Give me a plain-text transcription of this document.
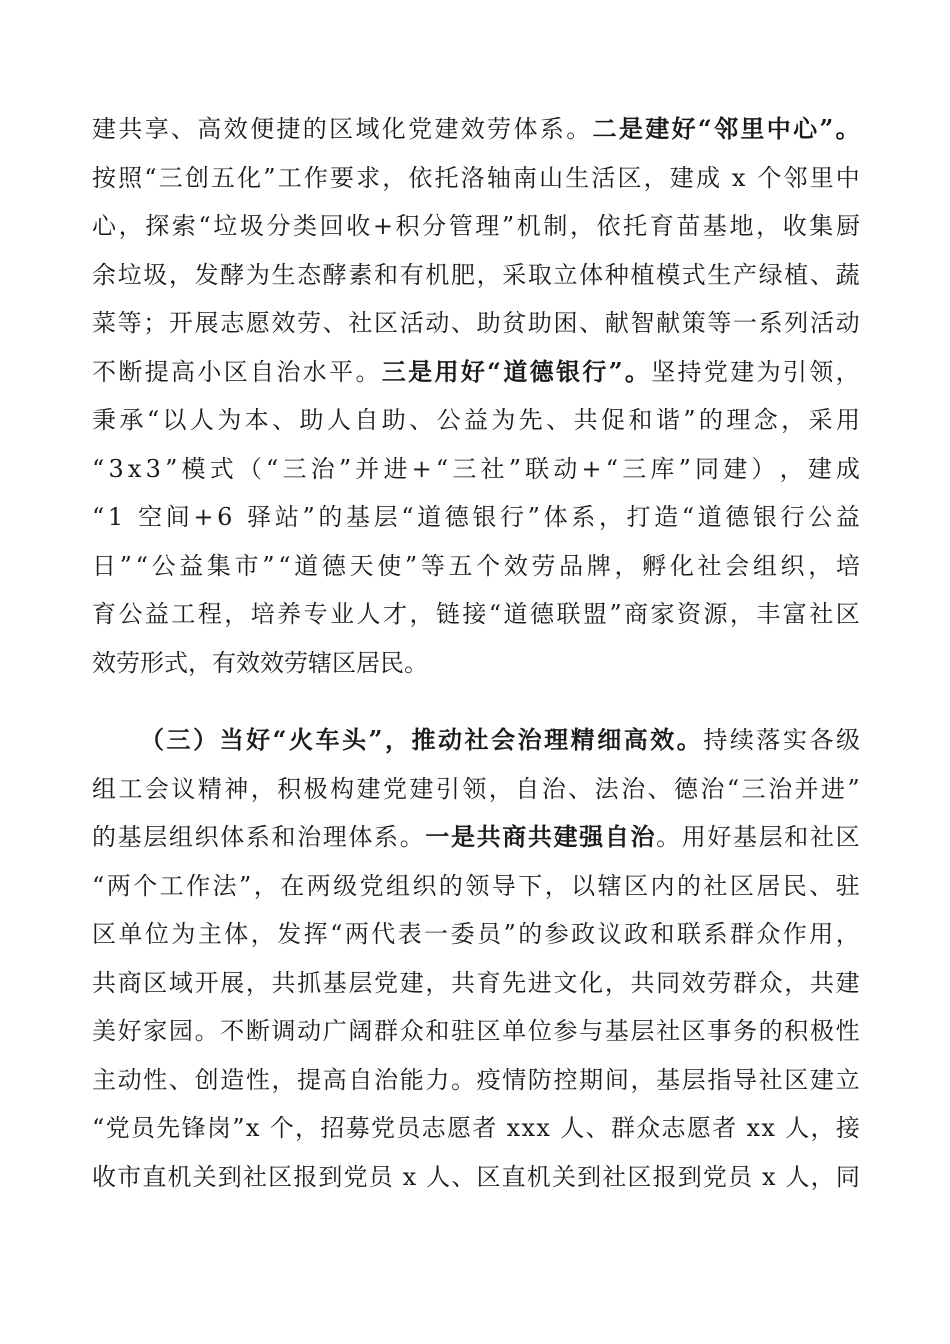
建 共 享 、 高 效 便 捷 的 区 域 化 党 建 效 劳 体 系 。 二 是 建 好 “ 邻 里 中 心 ” 。
按 照 “ 三 创 五 化 ” 工 作 要 求 ， 依 托 洛 轴 南 山 生 活 区 ， 建 成
x
个 邻 里 中
心 ， 探 索 “ 垃 圾 分 类 回 收 + 积 分 管 理 ” 机 制 ， 依 托 育 苗 基 地 ， 收 集 厨
余 垃 圾 ， 发 酵 为 生 态 酵 素 和 有 机 肥 ， 采 取 立 体 种 植 模 式 生 产 绿 植 、 蔬
菜 等 ； 开 展 志 愿 效 劳 、 社 区 活 动 、 助 贫 助 困 、 献 智 献 策 等 一 系 列 活 动
不 断 提 高 小 区 自 治 水 平 。 三 是 用 好 “ 道 德 银 行 ” 。 坚 持 党 建 为 引 领 ，
秉 承 “ 以 人 为 本 、 助 人 自 助 、 公 益 为 先 、 共 促 和 谐 ” 的 理 念 ， 采 用
“ 3 x 3 ” 模 式 （ “ 三 治 ” 并 进 + “ 三 社 ” 联 动 + “ 三 库 ” 同 建 ） ， 建 成
“ 1
空 间 + 6
驿 站 ” 的 基 层 “ 道 德 银 行 ” 体 系 ， 打 造 “ 道 德 银 行 公 益
日 ” “ 公 益 集 市 ” “ 道 德 天 使 ” 等 五 个 效 劳 品 牌 ， 孵 化 社 会 组 织 ， 培
育 公 益 工 程 ， 培 养 专 业 人 才 ， 链 接 “ 道 德 联 盟 ” 商 家 资 源 ， 丰 富 社 区
效劳形式，有效效劳辖区居民。
（ 三 ） 当 好 “ 火 车 头 ” ， 推 动 社 会 治 理 精 细 高 效 。 持 续 落 实 各 级
组 工 会 议 精 神 ， 积 极 构 建 党 建 引 领 ， 自 治 、 法 治 、 德 治 “ 三 治 并 进 ”
的 基 层 组 织 体 系 和 治 理 体 系 。 一 是 共 商 共 建 强 自 治 。 用 好 基 层 和 社 区
“ 两 个 工 作 法 ” ， 在 两 级 党 组 织 的 领 导 下 ， 以 辖 区 内 的 社 区 居 民 、 驻
区 单 位 为 主 体 ， 发 挥 “ 两 代 表 一 委 员 ” 的 参 政 议 政 和 联 系 群 众 作 用 ，
共 商 区 域 开 展 ， 共 抓 基 层 党 建 ， 共 育 先 进 文 化 ， 共 同 效 劳 群 众 ， 共 建
美 好 家 园 。 不 断 调 动 广 阔 群 众 和 驻 区 单 位 参 与 基 层 社 区 事 务 的 积 极 性
主 动 性 、 创 造 性 ， 提 高 自 治 能 力 。 疫 情 防 控 期 间 ， 基 层 指 导 社 区 建 立
“ 党 员 先 锋 岗 ” x
个 ， 招 募 党 员 志 愿 者
x x x
人 、 群 众 志 愿 者
x x
人 ， 接
收 市 直 机 关 到 社 区 报 到 党 员
x
人 、 区 直 机 关 到 社 区 报 到 党 员
x
人 ， 同
